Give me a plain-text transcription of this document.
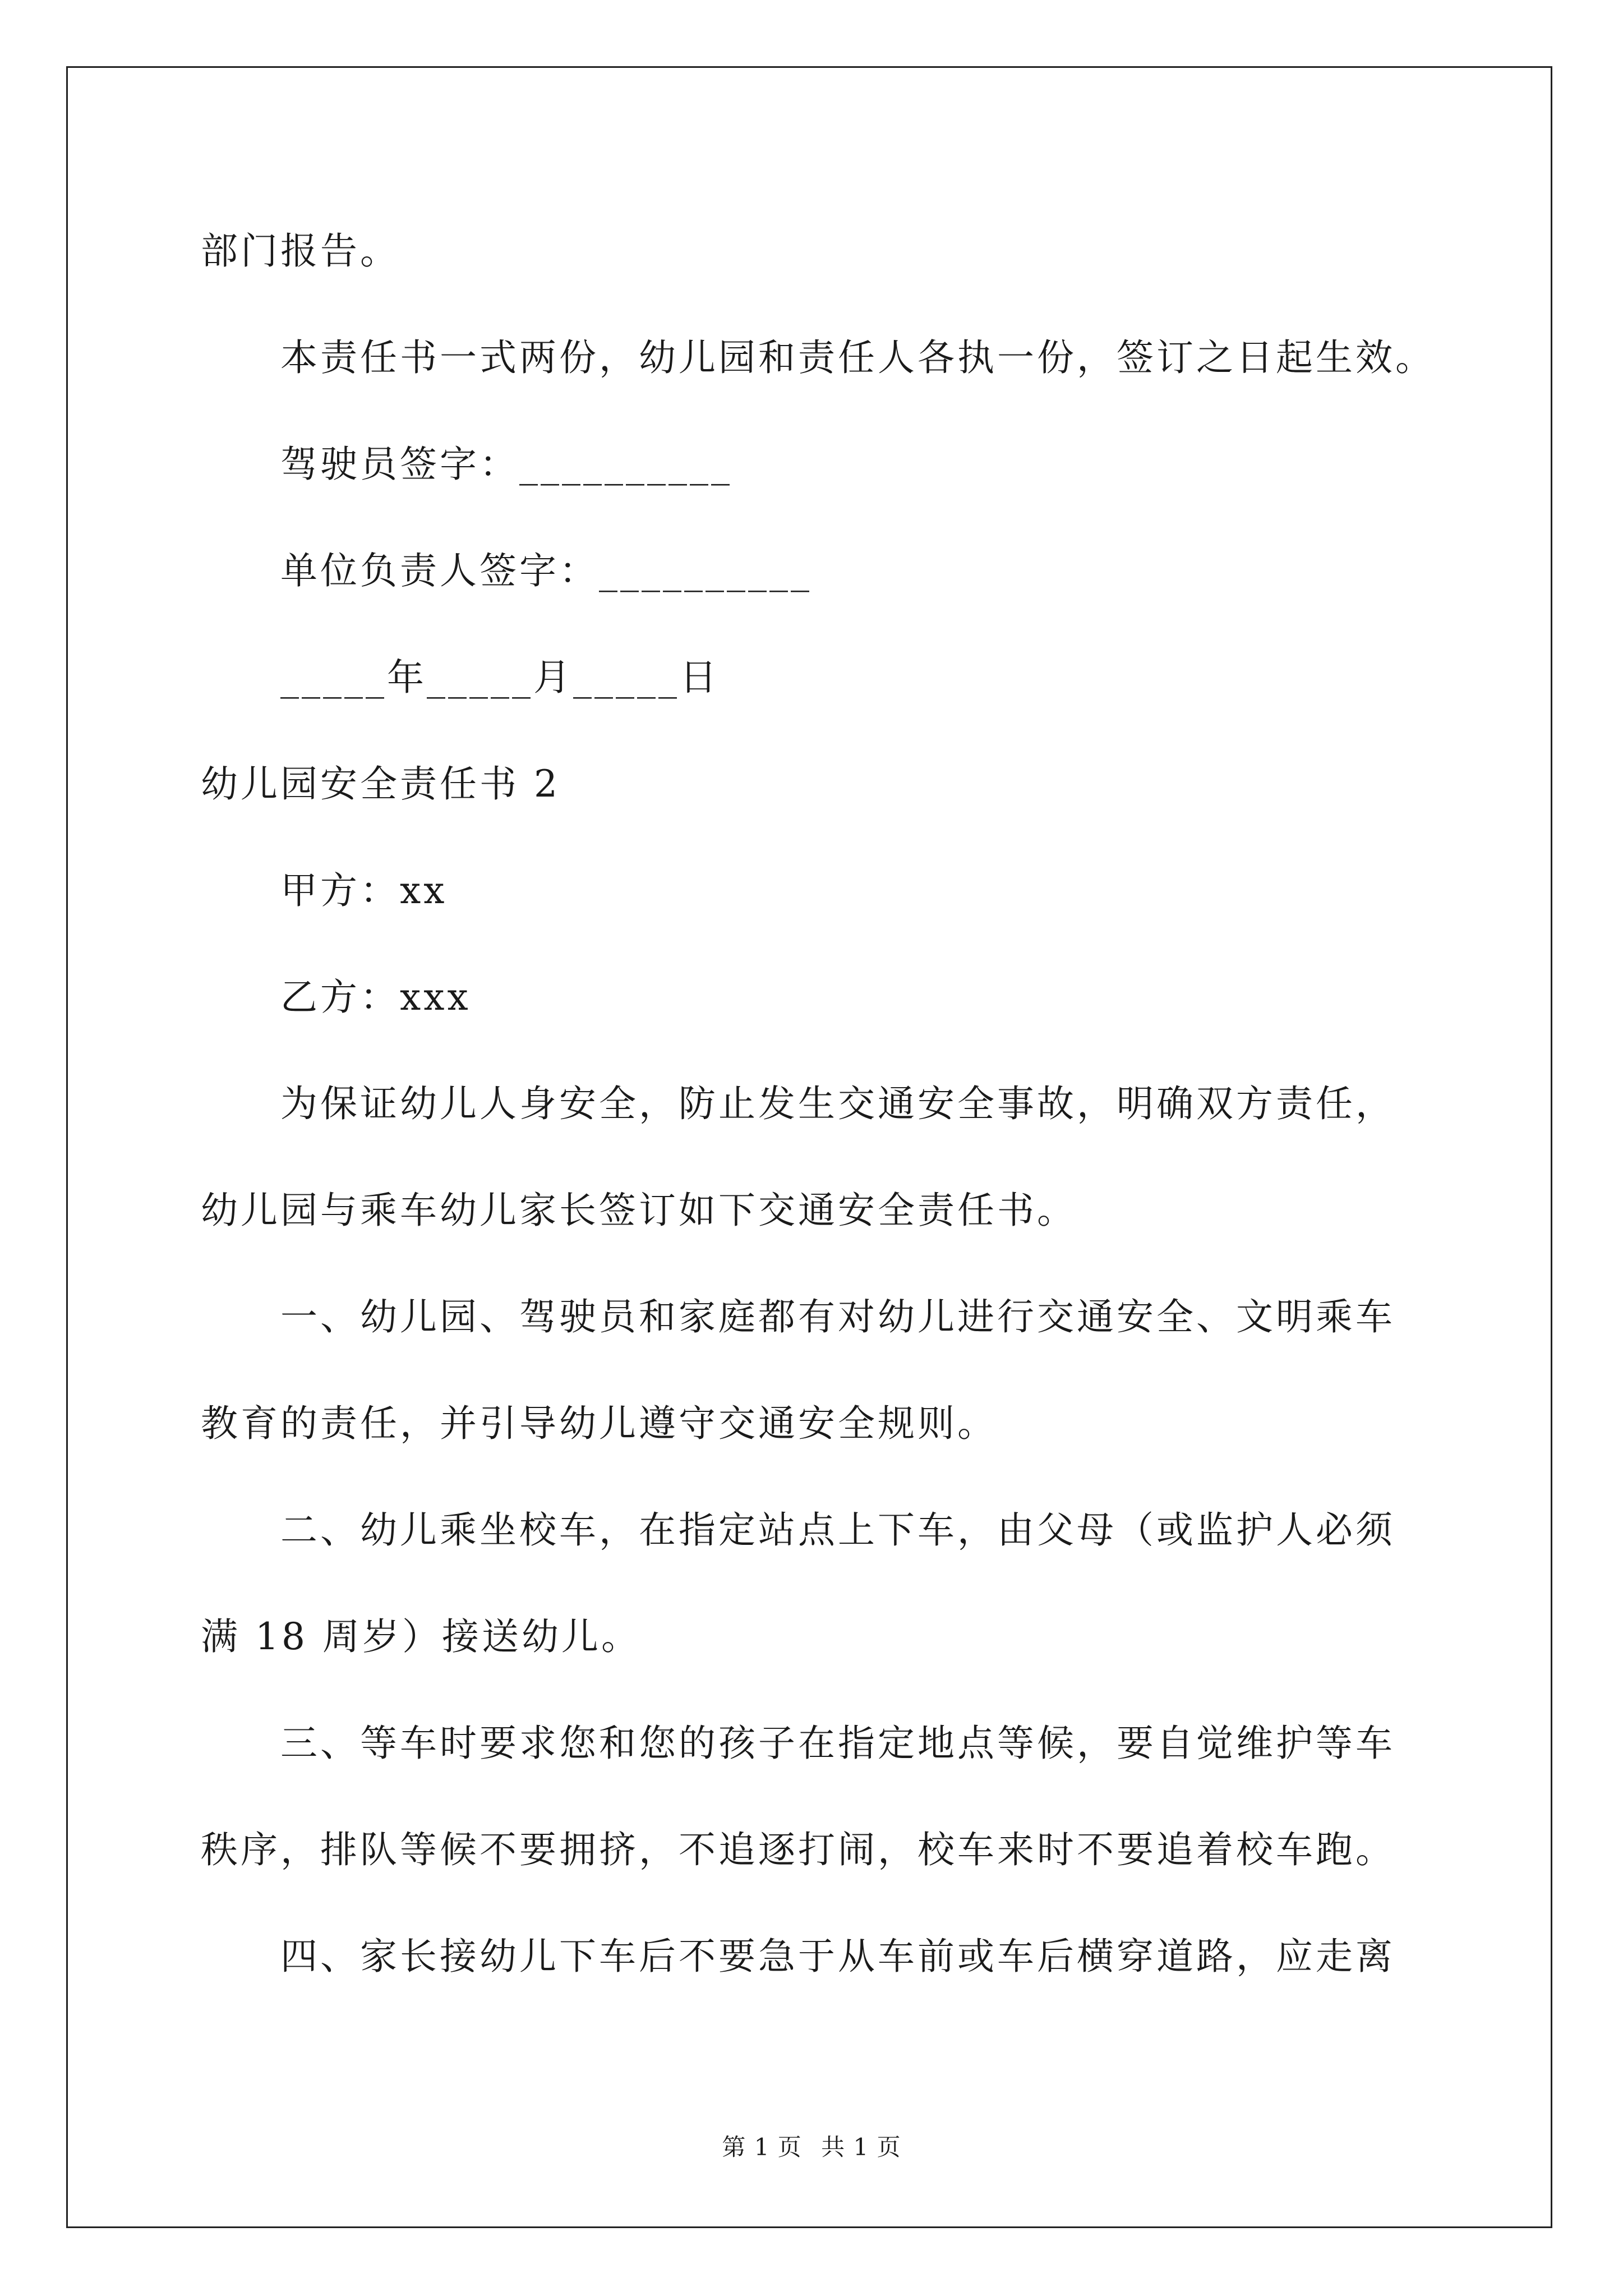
部门报告。
本责任书一式两份，幼儿园和责任人各执一份，签订之日起生效。
驾驶员签字：__________
单位负责人签字：__________
_____年_____月_____日
幼儿园安全责任书 2
甲方：xx
乙方：xxx
为保证幼儿人身安全，防止发生交通安全事故，明确双方责任，
幼儿园与乘车幼儿家长签订如下交通安全责任书。
一、幼儿园、驾驶员和家庭都有对幼儿进行交通安全、文明乘车
教育的责任，并引导幼儿遵守交通安全规则。
二、幼儿乘坐校车，在指定站点上下车，由父母（或监护人必须
满 18 周岁）接送幼儿。
三、等车时要求您和您的孩子在指定地点等候，要自觉维护等车
秩序，排队等候不要拥挤，不追逐打闹，校车来时不要追着校车跑。
四、家长接幼儿下车后不要急于从车前或车后横穿道路，应走离
第 1 页 共 1 页
